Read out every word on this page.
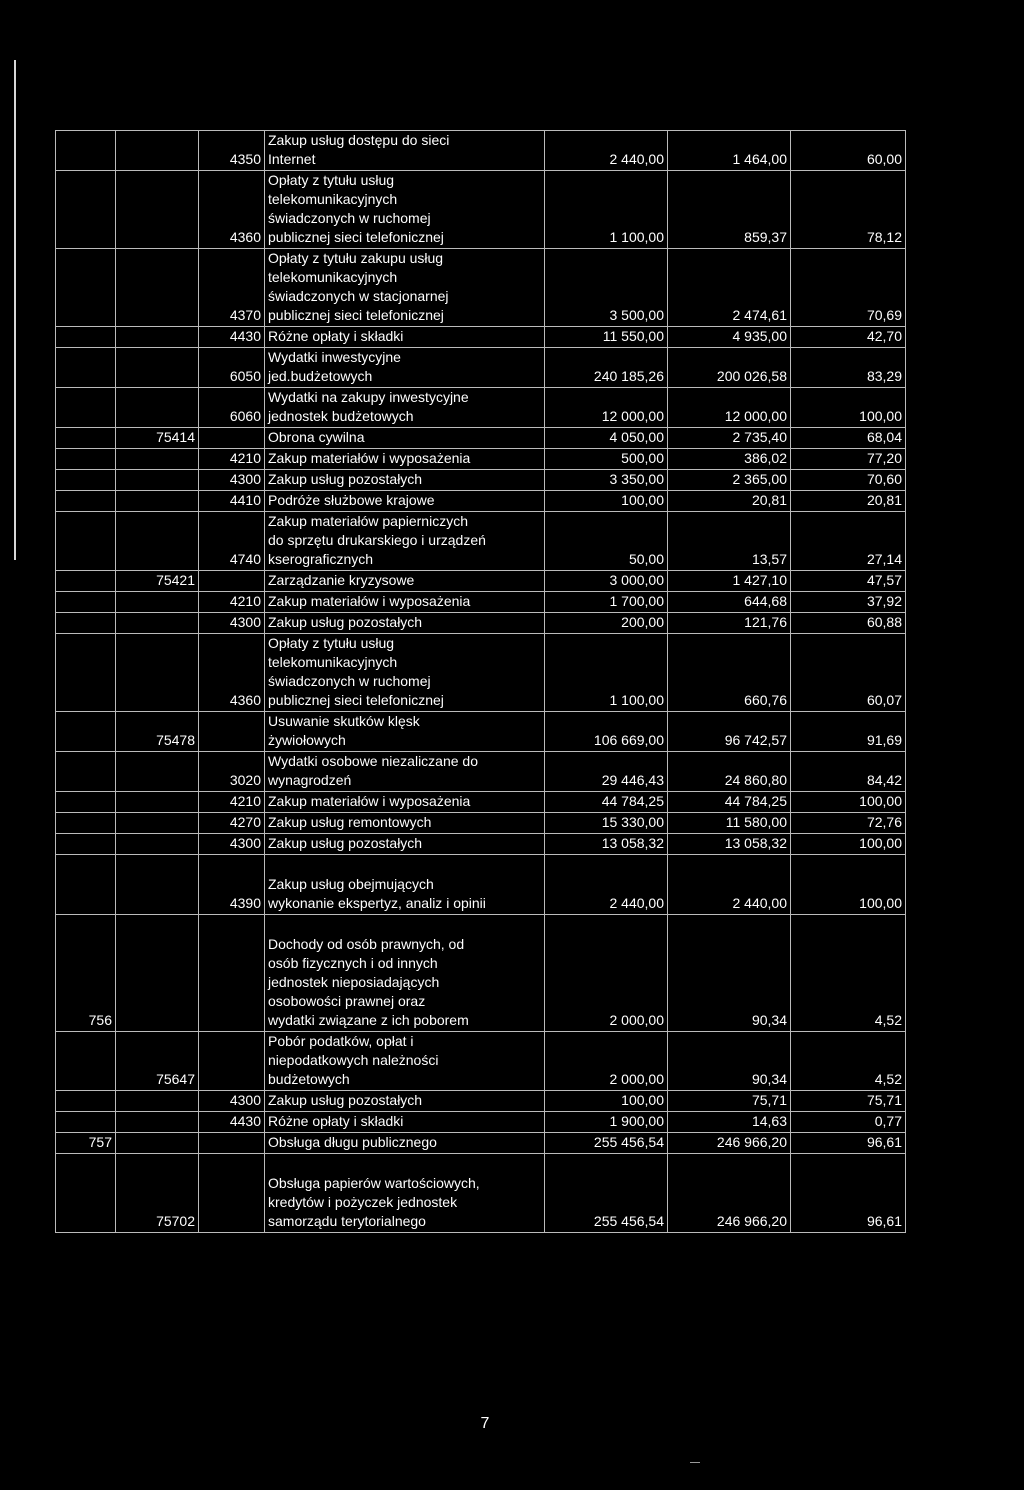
		4350	Zakup usług dostępu do sieci
Internet	2 440,00	1 464,00	60,00
		4360	Opłaty z tytułu usług
telekomunikacyjnych
świadczonych w ruchomej
publicznej sieci telefonicznej	1 100,00	859,37	78,12
		4370	Opłaty z tytułu zakupu usług
telekomunikacyjnych
świadczonych w stacjonarnej
publicznej sieci telefonicznej	3 500,00	2 474,61	70,69
		4430	Różne opłaty i składki	11 550,00	4 935,00	42,70
		6050	Wydatki inwestycyjne
jed.budżetowych	240 185,26	200 026,58	83,29
		6060	Wydatki na zakupy inwestycyjne
jednostek budżetowych	12 000,00	12 000,00	100,00
	75414		Obrona cywilna	4 050,00	2 735,40	68,04
		4210	Zakup materiałów i wyposażenia	500,00	386,02	77,20
		4300	Zakup usług pozostałych	3 350,00	2 365,00	70,60
		4410	Podróże służbowe krajowe	100,00	20,81	20,81
		4740	Zakup materiałów papierniczych
do sprzętu drukarskiego i urządzeń
kserograficznych	50,00	13,57	27,14
	75421		Zarządzanie kryzysowe	3 000,00	1 427,10	47,57
		4210	Zakup materiałów i wyposażenia	1 700,00	644,68	37,92
		4300	Zakup usług pozostałych	200,00	121,76	60,88
		4360	Opłaty z tytułu usług
telekomunikacyjnych
świadczonych w ruchomej
publicznej sieci telefonicznej	1 100,00	660,76	60,07
	75478		Usuwanie skutków klęsk
żywiołowych	106 669,00	96 742,57	91,69
		3020	Wydatki osobowe niezaliczane do
wynagrodzeń	29 446,43	24 860,80	84,42
		4210	Zakup materiałów i wyposażenia	44 784,25	44 784,25	100,00
		4270	Zakup usług remontowych	15 330,00	11 580,00	72,76
		4300	Zakup usług pozostałych	13 058,32	13 058,32	100,00
		4390	Zakup usług obejmujących
wykonanie ekspertyz, analiz i opinii	2 440,00	2 440,00	100,00
756			Dochody od osób prawnych, od
osób fizycznych i od innych
jednostek nieposiadających
osobowości prawnej oraz
wydatki związane z ich poborem	2 000,00	90,34	4,52
	75647		Pobór podatków, opłat i
niepodatkowych należności
budżetowych	2 000,00	90,34	4,52
		4300	Zakup usług pozostałych	100,00	75,71	75,71
		4430	Różne opłaty i składki	1 900,00	14,63	0,77
757			Obsługa długu publicznego	255 456,54	246 966,20	96,61
	75702		Obsługa papierów wartościowych,
kredytów i pożyczek jednostek
samorządu terytorialnego	255 456,54	246 966,20	96,61
7
